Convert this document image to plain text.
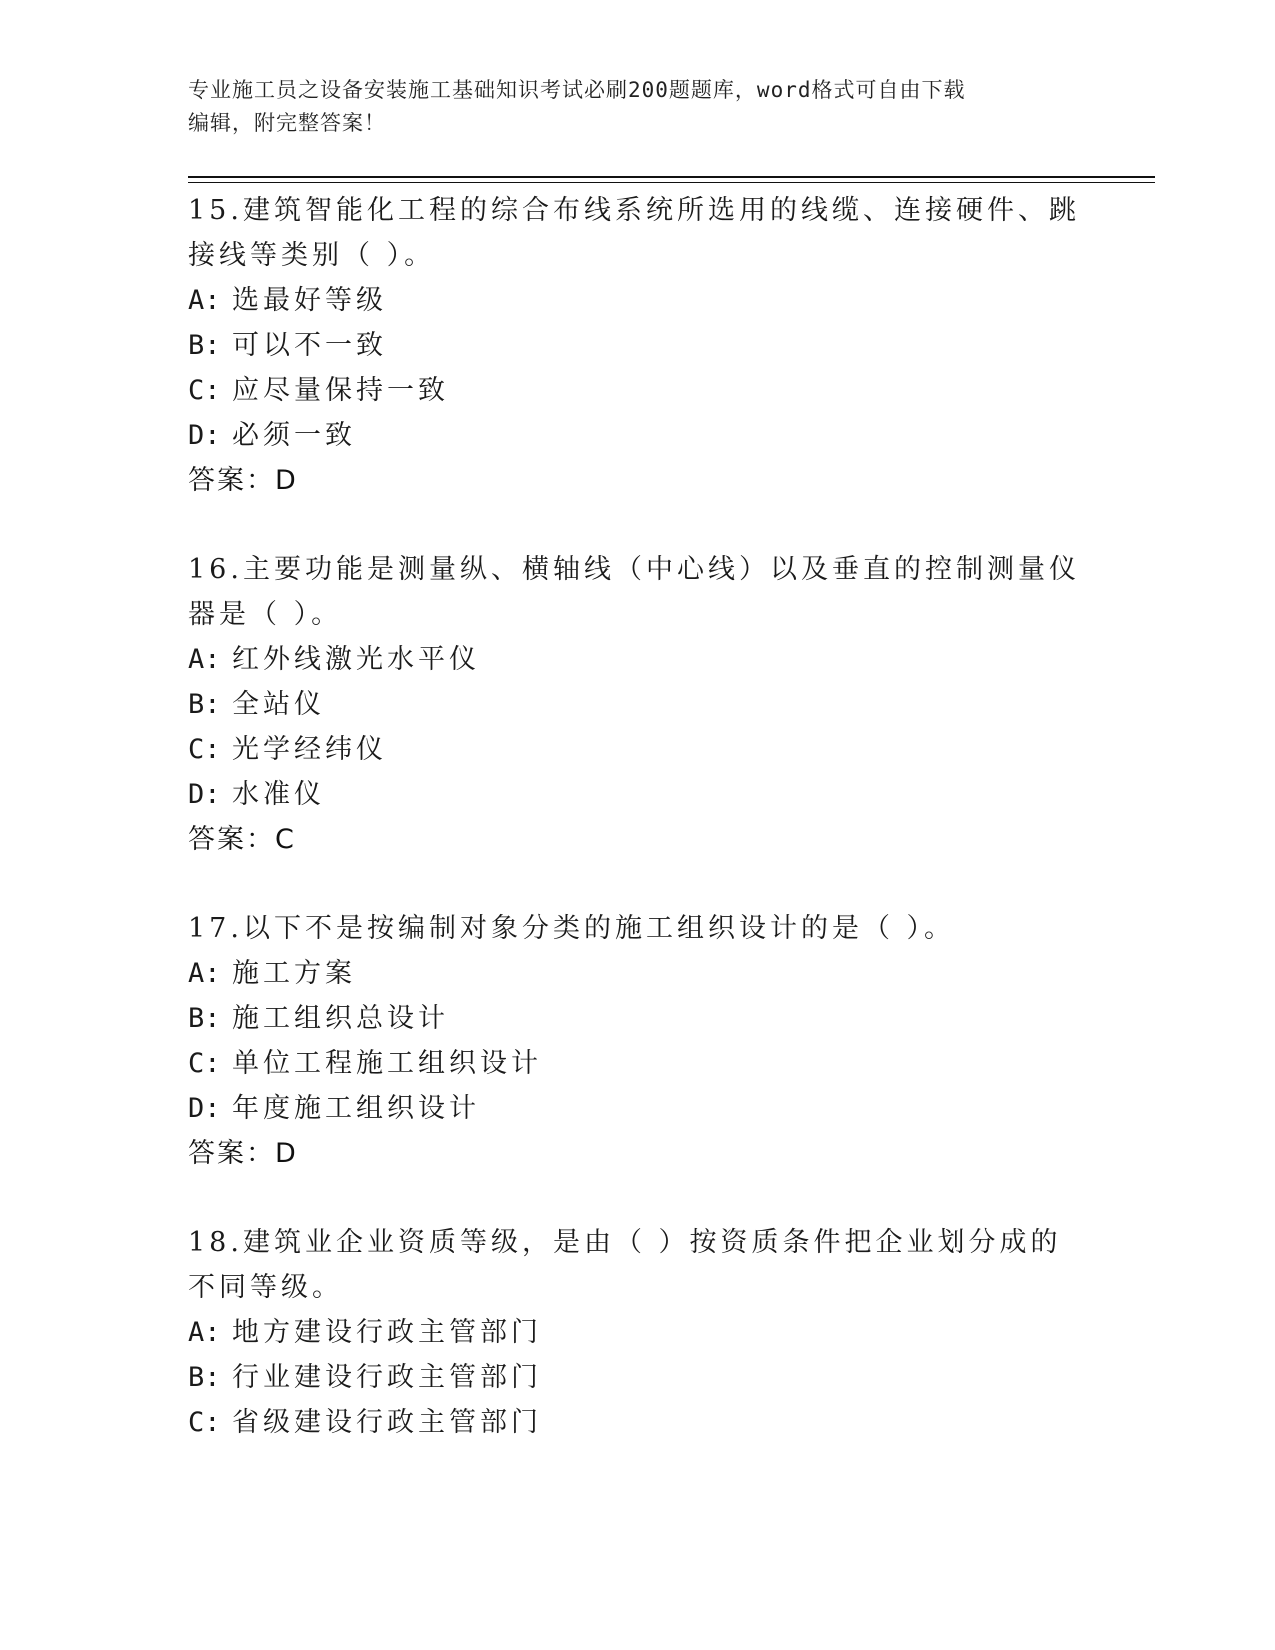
专业施工员之设备安装施工基础知识考试必刷200题题库，word格式可自由下载
编辑，附完整答案！
15.建筑智能化工程的综合布线系统所选用的线缆、连接硬件、跳接线等类别（ ）。
A: 选最好等级
B: 可以不一致
C: 应尽量保持一致
D: 必须一致
答案：D
16.主要功能是测量纵、横轴线（中心线）以及垂直的控制测量仪器是（ ）。
A: 红外线激光水平仪
B: 全站仪
C: 光学经纬仪
D: 水准仪
答案：C
17.以下不是按编制对象分类的施工组织设计的是（ ）。
A: 施工方案
B: 施工组织总设计
C: 单位工程施工组织设计
D: 年度施工组织设计
答案：D
18.建筑业企业资质等级，是由（ ）按资质条件把企业划分成的不同等级。
A: 地方建设行政主管部门
B: 行业建设行政主管部门
C: 省级建设行政主管部门
